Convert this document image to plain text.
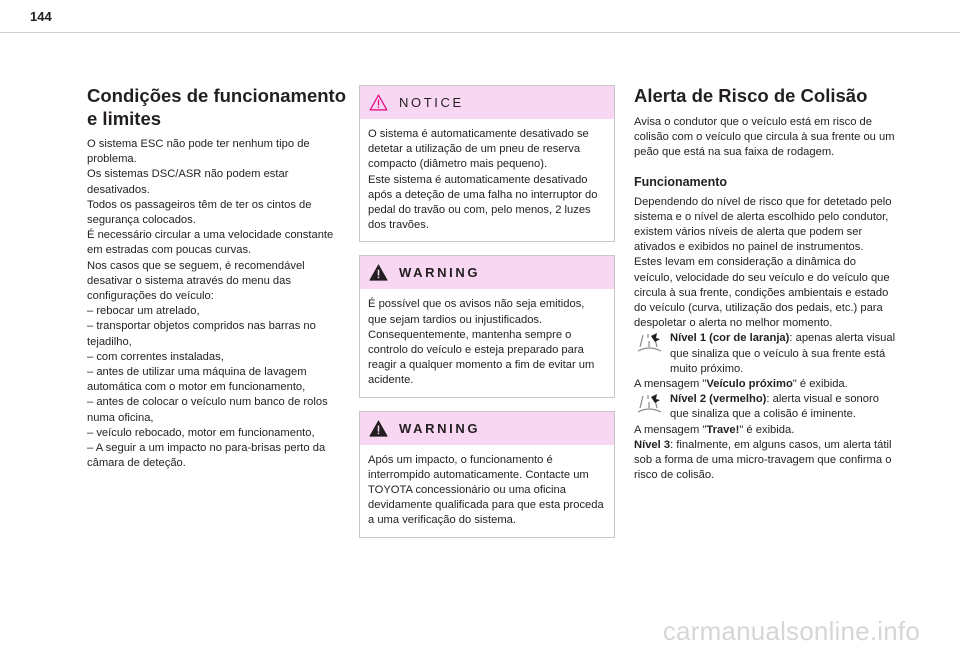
144
Condições de funcionamento e limites

O sistema ESC não pode ter nenhum tipo de problema.

Os sistemas DSC/ASR não podem estar desativados.

Todos os passageiros têm de ter os cintos de segurança colocados.

É necessário circular a uma velocidade constante em estradas com poucas curvas.

Nos casos que se seguem, é recomendável desativar o sistema através do menu das configurações do veículo:

– rebocar um atrelado,

– transportar objetos compridos nas barras no tejadilho,

– com correntes instaladas,

– antes de utilizar uma máquina de lavagem automática com o motor em funcionamento,

– antes de colocar o veículo num banco de rolos numa oficina,

– veículo rebocado, motor em funcionamento,

– A seguir a um impacto no para-brisas perto da câmara de deteção.

NOTICE

O sistema é automaticamente desativado se detetar a utilização de um pneu de reserva compacto (diâmetro mais pequeno).

Este sistema é automaticamente desativado após a deteção de uma falha no interruptor do pedal do travão ou com, pelo menos, 2 luzes dos travões.

WARNING

É possível que os avisos não seja emitidos, que sejam tardios ou injustificados. Consequentemente, mantenha sempre o controlo do veículo e esteja preparado para reagir a qualquer momento a fim de evitar um acidente.

WARNING

Após um impacto, o funcionamento é interrompido automaticamente. Contacte um TOYOTA concessionário ou uma oficina devidamente qualificada para que esta proceda a uma verificação do sistema.

Alerta de Risco de Colisão
Avisa o condutor que o veículo está em risco de colisão com o veículo que circula à sua frente ou um peão que está na sua faixa de rodagem.
Funcionamento

Dependendo do nível de risco que for detetado pelo sistema e o nível de alerta escolhido pelo condutor, existem vários níveis de alerta que podem ser ativados e exibidos no painel de instrumentos.

Estes levam em consideração a dinâmica do veículo, velocidade do seu veículo e do veículo que circula à sua frente, condições ambientais e estado do veículo (curva, utilização dos pedais, etc.) para despoletar o alerta no melhor momento.

Nível 1 (cor de laranja): apenas alerta visual que sinaliza que o veículo à sua frente está muito próximo.

A mensagem "Veículo próximo" é exibida.

Nível 2 (vermelho): alerta visual e sonoro que sinaliza que a colisão é iminente.

A mensagem "Trave!" é exibida.

Nível 3: finalmente, em alguns casos, um alerta tátil sob a forma de uma micro-travagem que confirma o risco de colisão.

carmanualsonline.info
